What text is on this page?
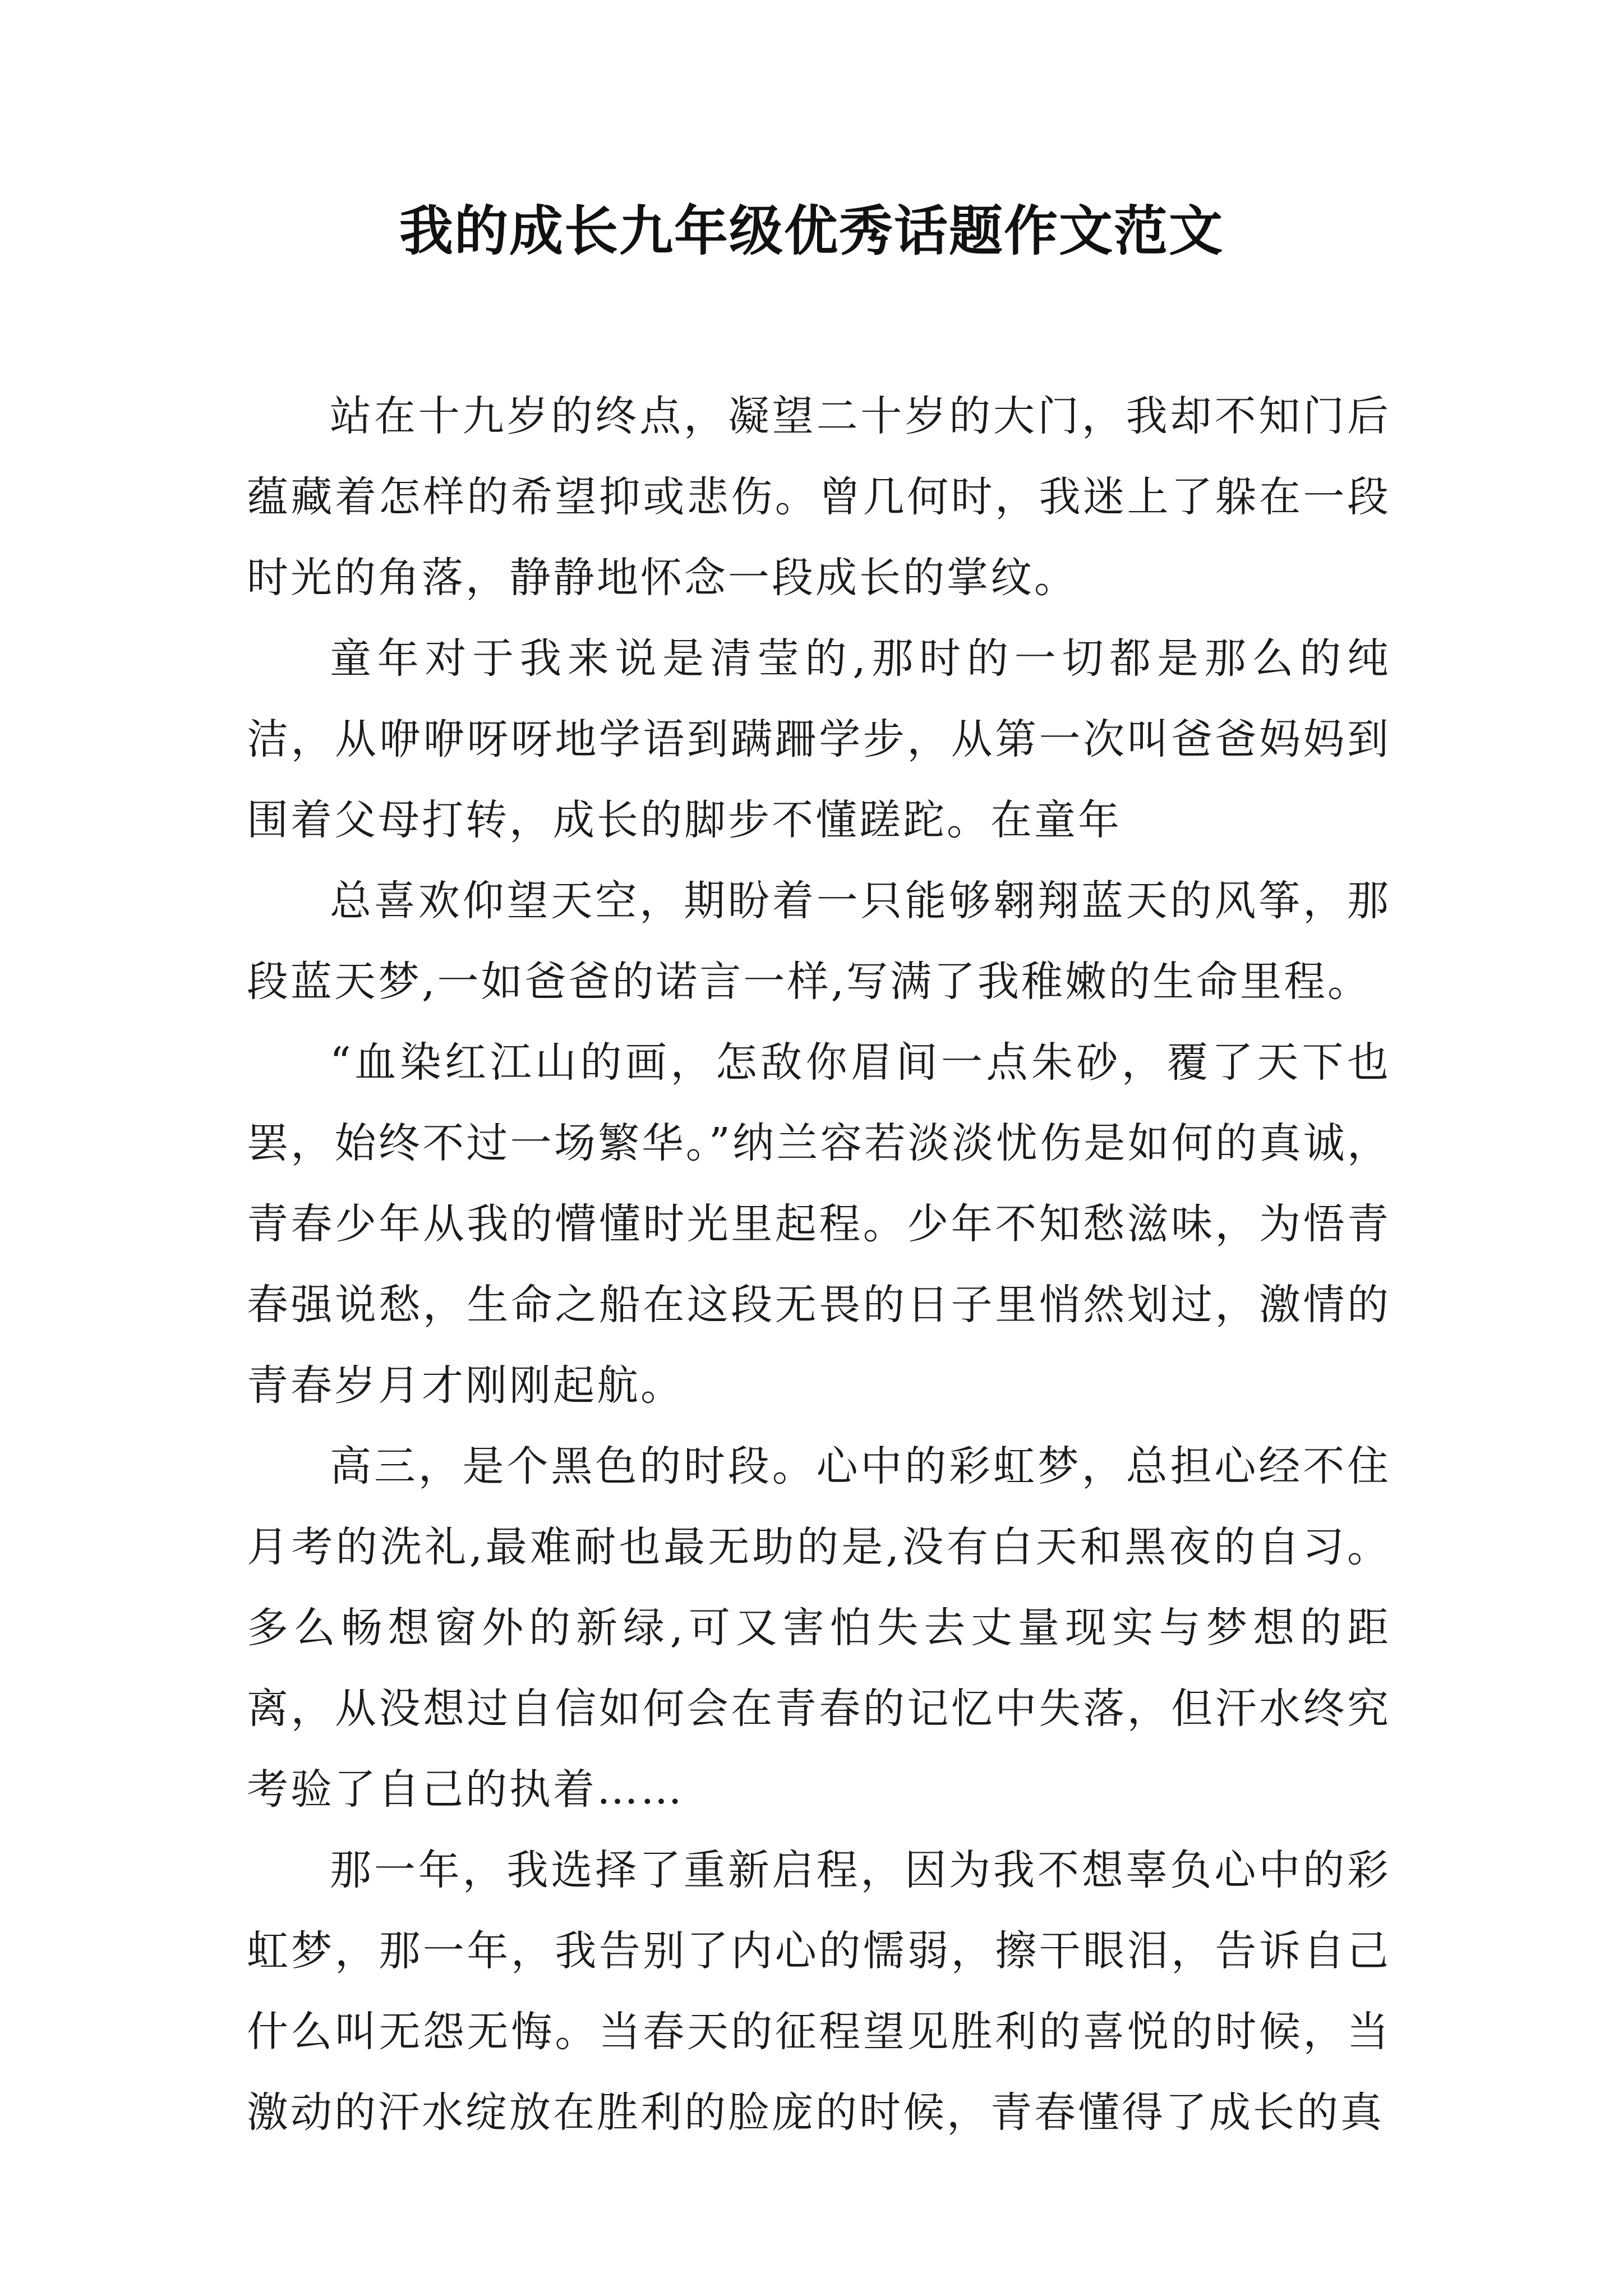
我的成长九年级优秀话题作文范文

站在十九岁的终点，凝望二十岁的大门，我却不知门后蕴藏着怎样的希望抑或悲伤。曾几何时，我迷上了躲在一段时光的角落，静静地怀念一段成长的掌纹。

童年对于我来说是清莹的,那时的一切都是那么的纯洁，从咿咿呀呀地学语到蹒跚学步，从第一次叫爸爸妈妈到围着父母打转，成长的脚步不懂蹉跎。在童年

总喜欢仰望天空，期盼着一只能够翱翔蓝天的风筝，那段蓝天梦,一如爸爸的诺言一样,写满了我稚嫩的生命里程。

“血染红江山的画，怎敌你眉间一点朱砂，覆了天下也罢，始终不过一场繁华。”纳兰容若淡淡忧伤是如何的真诚，青春少年从我的懵懂时光里起程。少年不知愁滋味，为悟青春强说愁，生命之船在这段无畏的日子里悄然划过，激情的青春岁月才刚刚起航。

高三，是个黑色的时段。心中的彩虹梦，总担心经不住月考的洗礼,最难耐也最无助的是,没有白天和黑夜的自习。多么畅想窗外的新绿,可又害怕失去丈量现实与梦想的距离，从没想过自信如何会在青春的记忆中失落，但汗水终究考验了自己的执着……

那一年，我选择了重新启程，因为我不想辜负心中的彩虹梦，那一年，我告别了内心的懦弱，擦干眼泪，告诉自己什么叫无怨无悔。当春天的征程望见胜利的喜悦的时候，当激动的汗水绽放在胜利的脸庞的时候，青春懂得了成长的真
